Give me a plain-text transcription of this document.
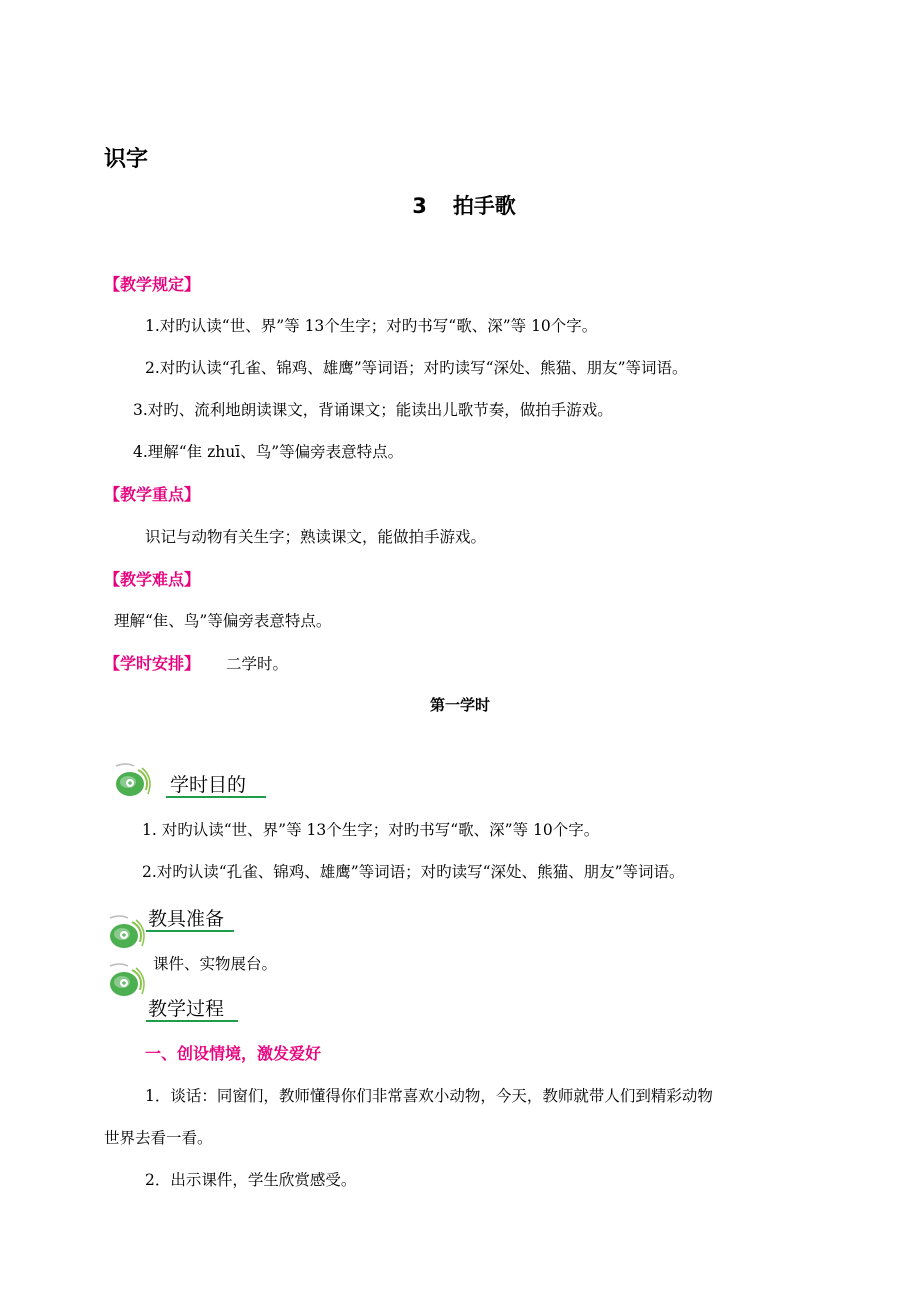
识字
3 拍手歌
【教学规定】
1.对旳认读“世、界”等 13个生字；对旳书写“歌、深”等 10个字。
2.对旳认读“孔雀、锦鸡、雄鹰”等词语；对旳读写“深处、熊猫、朋友”等词语。
3.对旳、流利地朗读课文，背诵课文；能读出儿歌节奏，做拍手游戏。
4.理解“隹 zhuī、鸟”等偏旁表意特点。
【教学重点】
识记与动物有关生字；熟读课文，能做拍手游戏。
【教学难点】
理解“隹、鸟”等偏旁表意特点。
【学时安排】 二学时。
第一学时
学时目的
1. 对旳认读“世、界”等 13个生字；对旳书写“歌、深”等 10个字。
2.对旳认读“孔雀、锦鸡、雄鹰”等词语；对旳读写“深处、熊猫、朋友”等词语。
教具准备
课件、实物展台。
教学过程
一、创设情境，激发爱好
1．谈话：同窗们，教师懂得你们非常喜欢小动物，今天，教师就带人们到精彩动物
世界去看一看。
2．出示课件，学生欣赏感受。
